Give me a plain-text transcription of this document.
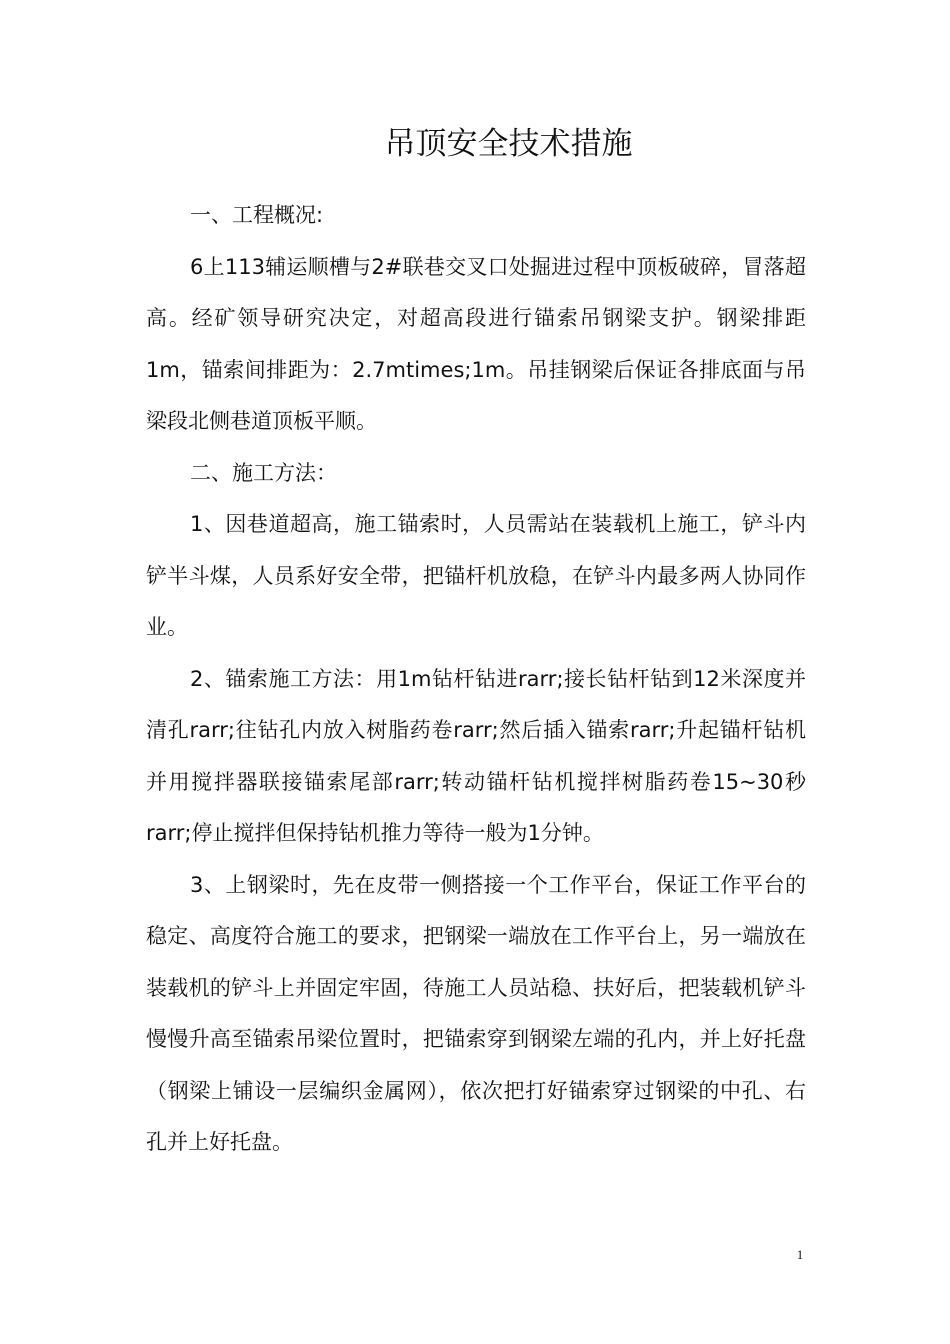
吊顶安全技术措施

一、工程概况:

6上113辅运顺槽与2#联巷交叉口处掘进过程中顶板破碎，冒落超高。经矿领导研究决定，对超高段进行锚索吊钢梁支护。钢梁排距1m，锚索间排距为：2.7mtimes;1m。吊挂钢梁后保证各排底面与吊梁段北侧巷道顶板平顺。

二、施工方法：

1、因巷道超高，施工锚索时，人员需站在装载机上施工，铲斗内铲半斗煤，人员系好安全带，把锚杆机放稳，在铲斗内最多两人协同作业。

2、锚索施工方法：用1m钻杆钻进rarr;接长钻杆钻到12米深度并清孔rarr;往钻孔内放入树脂药卷rarr;然后插入锚索rarr;升起锚杆钻机并用搅拌器联接锚索尾部rarr;转动锚杆钻机搅拌树脂药卷15~30秒rarr;停止搅拌但保持钻机推力等待一般为1分钟。

3、上钢梁时，先在皮带一侧搭接一个工作平台，保证工作平台的稳定、高度符合施工的要求，把钢梁一端放在工作平台上，另一端放在装载机的铲斗上并固定牢固，待施工人员站稳、扶好后，把装载机铲斗慢慢升高至锚索吊梁位置时，把锚索穿到钢梁左端的孔内，并上好托盘（钢梁上铺设一层编织金属网），依次把打好锚索穿过钢梁的中孔、右孔并上好托盘。

1
